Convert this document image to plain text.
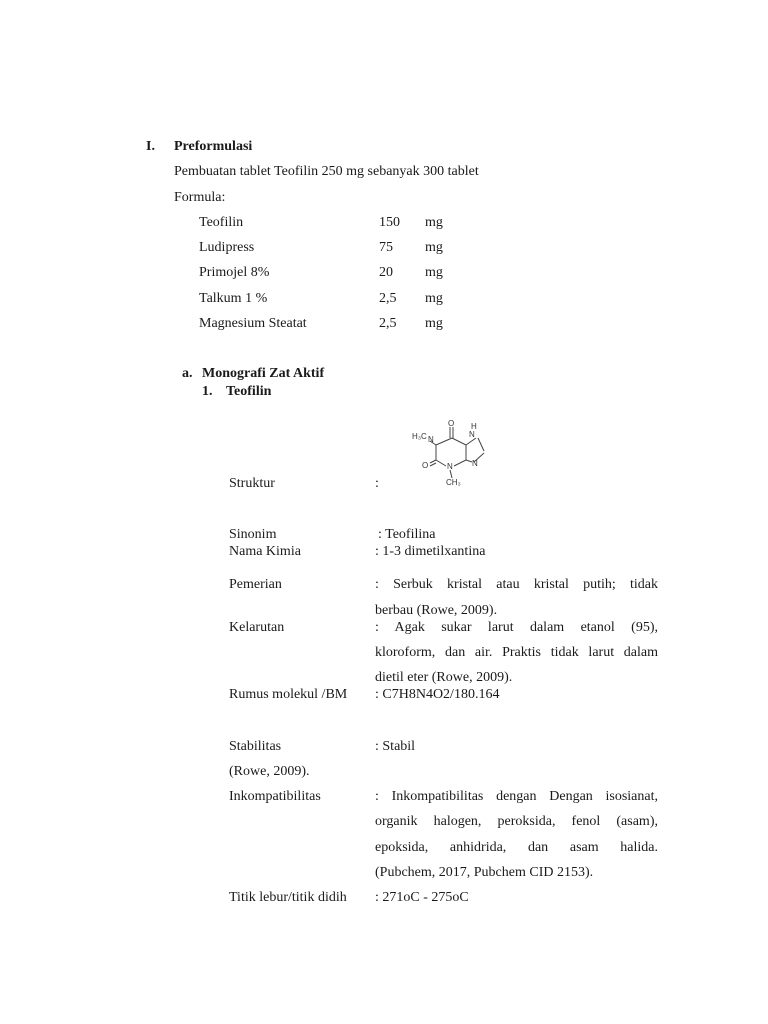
I. Preformulasi
Pembuatan tablet Teofilin 250 mg sebanyak 300 tablet
Formula:
Teofilin	150 mg
Ludipress	75 mg
Primojel 8%	20 mg
Talkum 1 %	2,5 mg
Magnesium Steatat	2,5 mg
a. Monografi Zat Aktif
1. Teofilin
O
O
H₃C N
N
N
N
H
CH₃
Struktur	:
Sinonim	: Teofilina
Nama Kimia	: 1-3 dimetilxantina
Pemerian	: Serbuk kristal atau kristal putih; tidak
berbau (Rowe, 2009).
Kelarutan	: Agak sukar larut dalam etanol (95),
kloroform, dan air. Praktis tidak larut dalam
dietil eter (Rowe, 2009).
Rumus molekul /BM : C7H8N4O2/180.164
Stabilitas	: Stabil
(Rowe, 2009).
Inkompatibilitas	: Inkompatibilitas dengan Dengan isosianat,
organik halogen, peroksida, fenol (asam),
epoksida, anhidrida, dan asam halida.
(Pubchem, 2017, Pubchem CID 2153).
Titik lebur/titik didih : 271oC - 275oC
